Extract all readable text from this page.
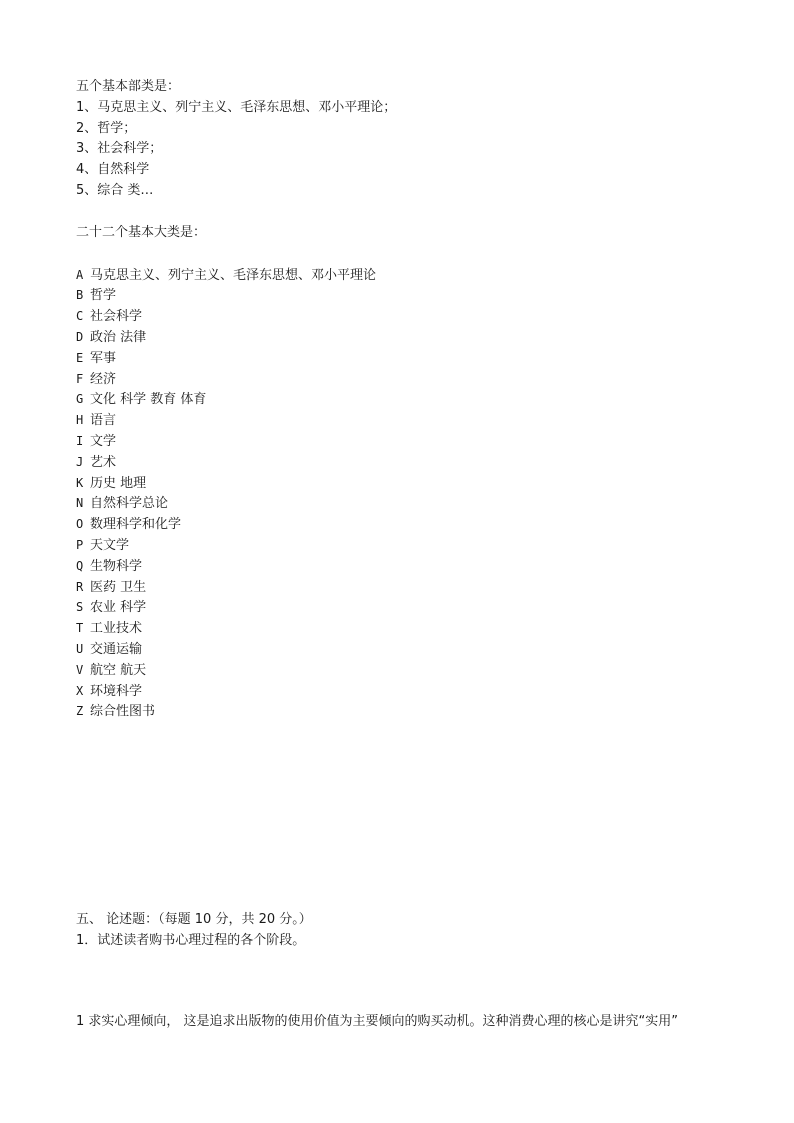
五个基本部类是：
1、马克思主义、列宁主义、毛泽东思想、邓小平理论；
2、哲学；
3、社会科学；
4、自然科学
5、综合 类…
二十二个基本大类是：
A 马克思主义、列宁主义、毛泽东思想、邓小平理论
B 哲学
C 社会科学
D 政治 法律
E 军事
F 经济
G 文化 科学 教育 体育
H 语言
I 文学
J 艺术
K 历史 地理
N 自然科学总论
O 数理科学和化学
P 天文学
Q 生物科学
R 医药 卫生
S 农业 科学
T 工业技术
U 交通运输
V 航空 航天
X 环境科学
Z 综合性图书
五、 论述题：（每题 10 分，共 20 分。）
1．试述读者购书心理过程的各个阶段。
1 求实心理倾向， 这是追求出版物的使用价值为主要倾向的购买动机。这种消费心理的核心是讲究“实用”
